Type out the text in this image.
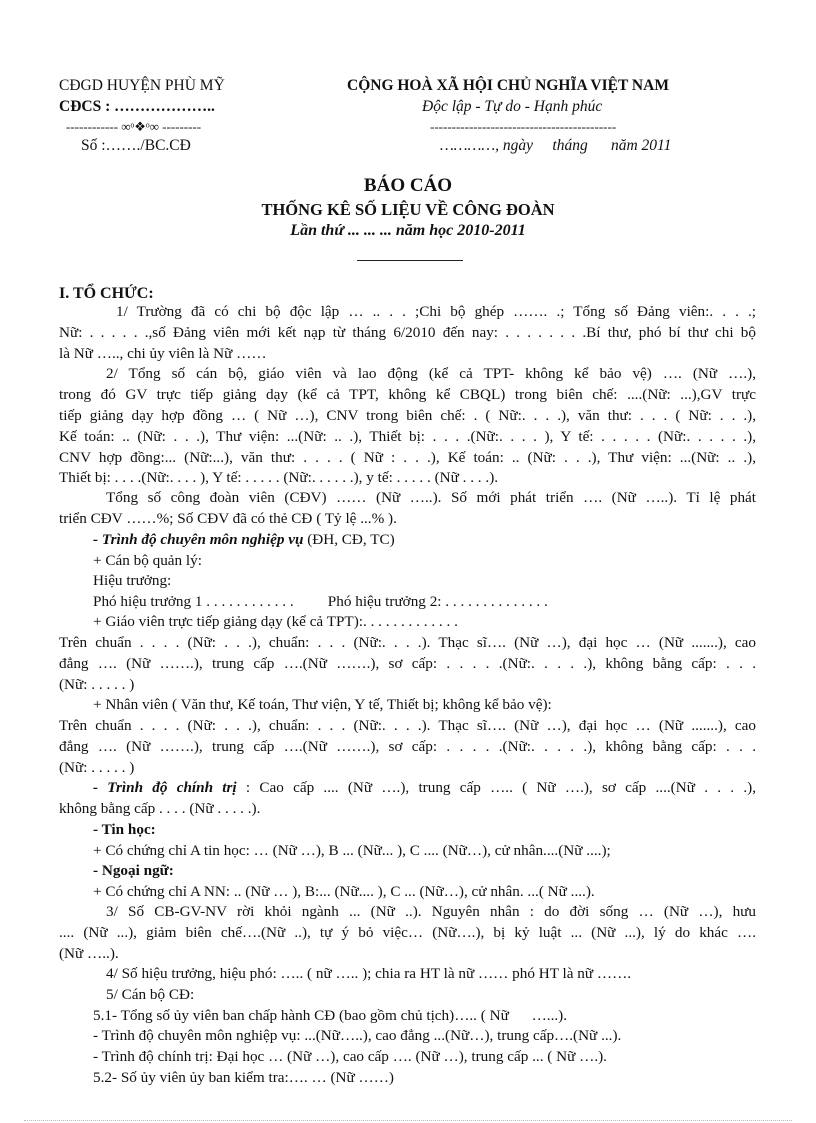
CĐGD HUYỆN PHÙ MỸ
CĐCS : ………………..
------------ ∞ᵒ❖ᵒ∞ ---------
Số :……./BC.CĐ
CỘNG HOÀ XÃ HỘI CHỦ NGHĨA VIỆT NAM
Độc lập - Tự do - Hạnh phúc
-------------------------------------------
…………, ngày     tháng      năm 2011
BÁO CÁO
THỐNG KÊ SỐ LIỆU VỀ CÔNG ĐOÀN
Lần thứ ... ... ... năm học 2010-2011
I. TỔ CHỨC:
1/ Trường đã có chi bộ độc lập … .. . . ;Chi bộ ghép ……. .; Tổng số Đảng viên:. . . .;
Nữ: . . . . . .,số Đảng viên mới kết nạp từ tháng 6/2010 đến nay: . . . . . . . .Bí thư, phó bí thư chi bộ
là Nữ ….., chi ủy viên là Nữ ……
2/ Tổng số cán bộ, giáo viên và lao động (kể cả TPT- không kể bảo vệ) …. (Nữ ….),
trong đó GV trực tiếp giảng dạy (kể cả TPT, không kể CBQL) trong biên chế: ....(Nữ: ...),GV trực
tiếp giảng dạy hợp đồng … ( Nữ …), CNV trong biên chế: . ( Nữ:. . . .), văn thư: . . . ( Nữ: . . .),
Kế toán: .. (Nữ: . . .), Thư viện: ...(Nữ: .. .), Thiết bị: . . . .(Nữ:. . . . ), Y tế: . . . . . (Nữ:. . . . . .),
CNV hợp đồng:... (Nữ:...), văn thư: . . . . ( Nữ : . . .), Kế toán: .. (Nữ: . . .), Thư viện: ...(Nữ: .. .),
Thiết bị: . . . .(Nữ:. . . . ), Y tế: . . . . . (Nữ:. . . . . .), y tế: . . . . . (Nữ . . . .).
Tổng số công đoàn viên (CĐV) …… (Nữ …..). Số mới phát triển …. (Nữ …..). Tỉ lệ phát
triển CĐV ……%; Số CĐV đã có thẻ CĐ ( Tỷ lệ ...% ).
- Trình độ chuyên môn nghiệp vụ (ĐH, CĐ, TC)
+ Cán bộ quản lý:
Hiệu trưởng:
Phó hiệu trưởng 1 . . . . . . . . . . . .         Phó hiệu trưởng 2: . . . . . . . . . . . . . .
+ Giáo viên trực tiếp giảng dạy (kể cả TPT):. . . . . . . . . . . . .
Trên chuẩn . . . . (Nữ: . . .), chuẩn: . . . (Nữ:. . . .). Thạc sĩ…. (Nữ …), đại học … (Nữ .......), cao
đẳng …. (Nữ …….), trung cấp ….(Nữ …….), sơ cấp: . . . . .(Nữ:. . . . .), không bằng cấp: . . .
(Nữ: . . . . . )
+ Nhân viên ( Văn thư, Kế toán, Thư viện, Y tế, Thiết bị; không kể bảo vệ):
Trên chuẩn . . . . (Nữ: . . .), chuẩn: . . . (Nữ:. . . .). Thạc sĩ…. (Nữ …), đại học … (Nữ .......), cao
đẳng …. (Nữ …….), trung cấp ….(Nữ …….), sơ cấp: . . . . .(Nữ:. . . . .), không bằng cấp: . . .
(Nữ: . . . . . )
- Trình độ chính trị : Cao cấp .... (Nữ ….), trung cấp ….. ( Nữ ….), sơ cấp ....(Nữ . . . .),
không bằng cấp . . . . (Nữ . . . . .).
- Tin học:
+ Có chứng chỉ A tin học: … (Nữ …), B ... (Nữ... ), C .... (Nữ…), cử nhân....(Nữ ....);
- Ngoại ngữ:
+ Có chứng chỉ A NN: .. (Nữ … ), B:... (Nữ.... ), C ... (Nữ…), cử nhân. ...( Nữ ....).
3/ Số CB-GV-NV rời khỏi ngành ... (Nữ ..). Nguyên nhân : do đời sống … (Nữ …), hưu
.... (Nữ ...), giảm biên chế….(Nữ ..), tự ý bỏ việc… (Nữ….), bị kỷ luật ... (Nữ ...), lý do khác ….
(Nữ …..).
4/ Số hiệu trưởng, hiệu phó: ….. ( nữ ….. ); chia ra HT là nữ …… phó HT là nữ …….
5/ Cán bộ CĐ:
5.1- Tổng số ủy viên ban chấp hành CĐ (bao gồm chủ tịch)….. ( Nữ      …...).
- Trình độ chuyên môn nghiệp vụ: ...(Nữ…..), cao đẳng ...(Nữ…), trung cấp….(Nữ ...).
- Trình độ chính trị: Đại học … (Nữ …), cao cấp …. (Nữ …), trung cấp ... ( Nữ ….).
5.2- Số ủy viên ủy ban kiểm tra:…. … (Nữ ……)
